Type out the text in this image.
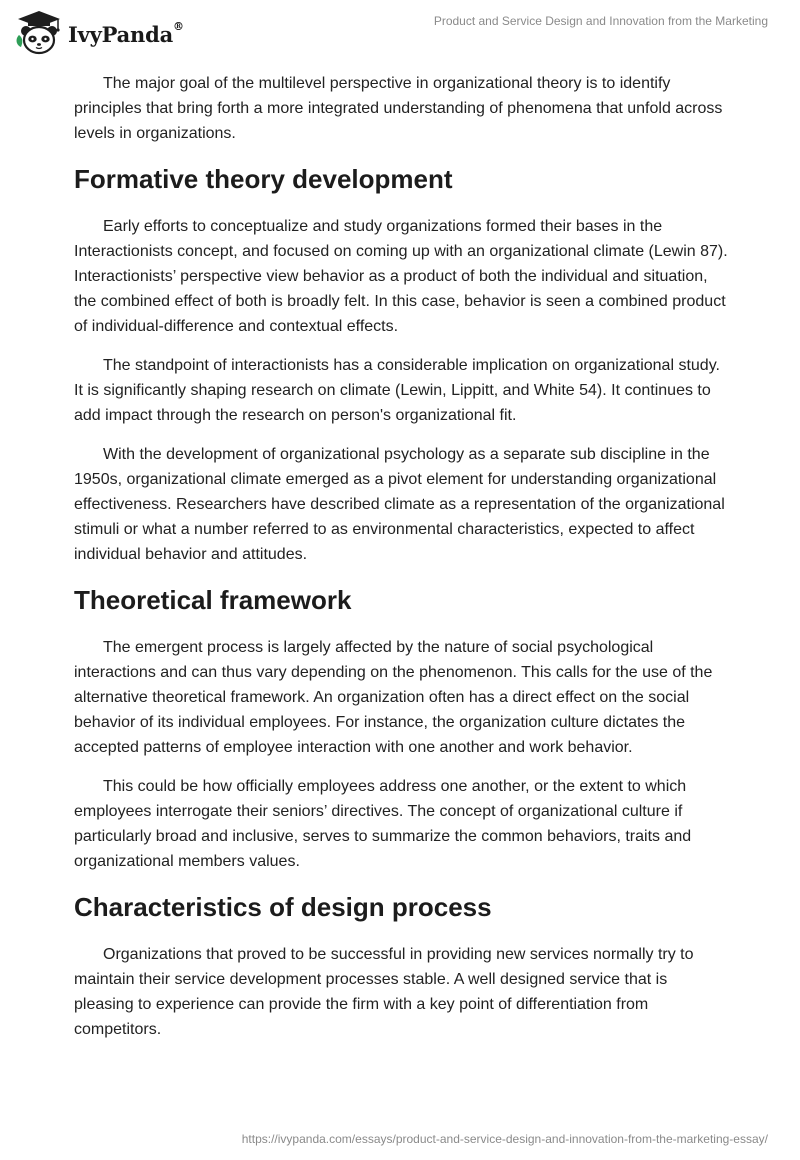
IvyPanda®	Product and Service Design and Innovation from the Marketing

The major goal of the multilevel perspective in organizational theory is to identify principles that bring forth a more integrated understanding of phenomena that unfold across levels in organizations.

Formative theory development

Early efforts to conceptualize and study organizations formed their bases in the Interactionists concept, and focused on coming up with an organizational climate (Lewin 87). Interactionists’ perspective view behavior as a product of both the individual and situation, the combined effect of both is broadly felt. In this case, behavior is seen a combined product of individual-difference and contextual effects.

The standpoint of interactionists has a considerable implication on organizational study. It is significantly shaping research on climate (Lewin, Lippitt, and White 54). It continues to add impact through the research on person's organizational fit.

With the development of organizational psychology as a separate sub discipline in the 1950s, organizational climate emerged as a pivot element for understanding organizational effectiveness. Researchers have described climate as a representation of the organizational stimuli or what a number referred to as environmental characteristics, expected to affect individual behavior and attitudes.

Theoretical framework

The emergent process is largely affected by the nature of social psychological interactions and can thus vary depending on the phenomenon. This calls for the use of the alternative theoretical framework. An organization often has a direct effect on the social behavior of its individual employees. For instance, the organization culture dictates the accepted patterns of employee interaction with one another and work behavior.

This could be how officially employees address one another, or the extent to which employees interrogate their seniors’ directives. The concept of organizational culture if particularly broad and inclusive, serves to summarize the common behaviors, traits and organizational members values.

Characteristics of design process

Organizations that proved to be successful in providing new services normally try to maintain their service development processes stable. A well designed service that is pleasing to experience can provide the firm with a key point of differentiation from competitors.

https://ivypanda.com/essays/product-and-service-design-and-innovation-from-the-marketing-essay/
